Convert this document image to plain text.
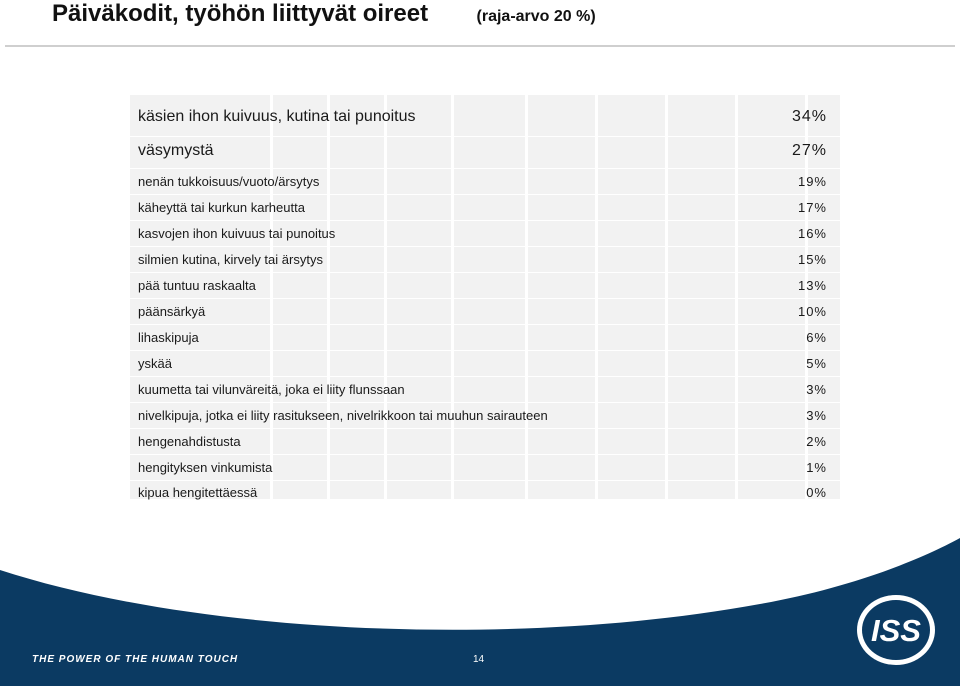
Päiväkodit, työhön liittyvät oireet	(raja-arvo 20 %)
käsien ihon kuivuus, kutina tai punoitus	34%
väsymystä	27%
nenän tukkoisuus/vuoto/ärsytys	19%
käheyttä tai kurkun karheutta	17%
kasvojen ihon kuivuus tai punoitus	16%
silmien kutina, kirvely tai ärsytys	15%
pää tuntuu raskaalta	13%
päänsärkyä	10%
lihaskipuja	6%
yskää	5%
kuumetta tai vilunväreitä, joka ei liity flunssaan	3%
nivelkipuja, jotka ei liity rasitukseen, nivelrikkoon tai muuhun sairauteen	3%
hengenahdistusta	2%
hengityksen vinkumista	1%
kipua hengitettäessä	0%
THE POWER OF THE HUMAN TOUCH	14
ISS
